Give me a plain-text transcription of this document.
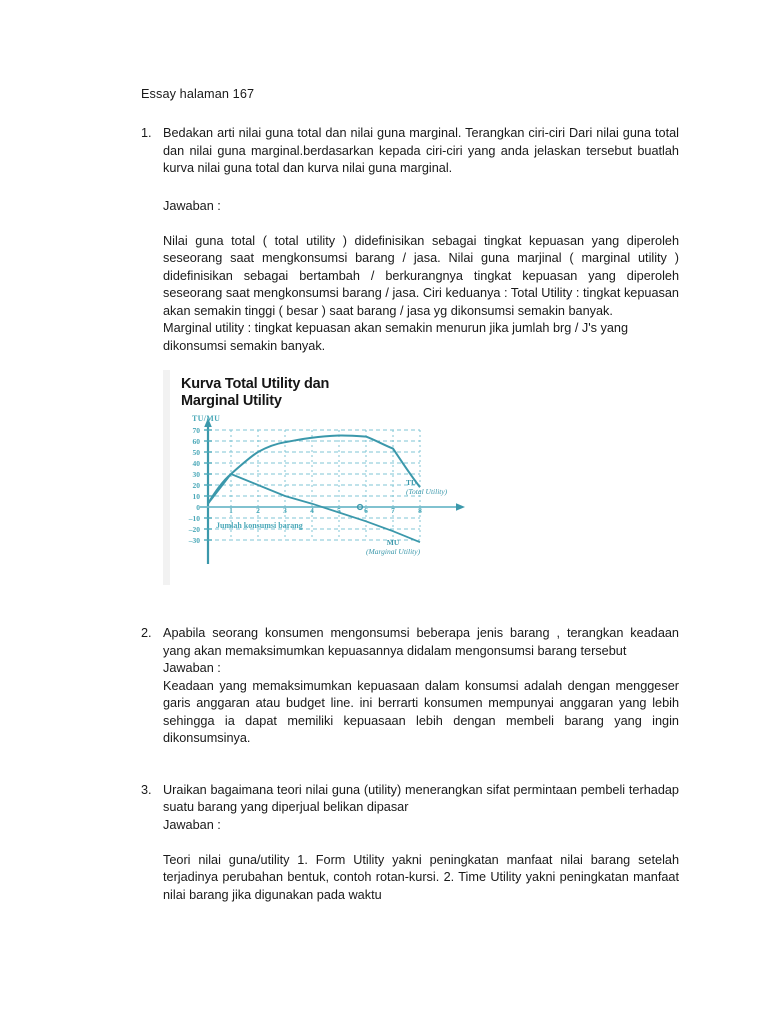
Essay halaman 167
1. Bedakan arti nilai guna total dan nilai guna marginal. Terangkan ciri-ciri Dari nilai guna total dan nilai guna marginal.berdasarkan kepada ciri-ciri yang anda jelaskan tersebut buatlah kurva nilai guna total dan kurva nilai guna marginal.

Jawaban :

Nilai guna total ( total utility ) didefinisikan sebagai tingkat kepuasan yang diperoleh seseorang saat mengkonsumsi barang / jasa. Nilai guna marjinal ( marginal utility ) didefinisikan sebagai bertambah / berkurangnya tingkat kepuasan yang diperoleh seseorang saat mengkonsumsi barang / jasa. Ciri keduanya : Total Utility : tingkat kepuasan akan semakin tinggi ( besar ) saat barang / jasa yg dikonsumsi semakin banyak.

Marginal utility : tingkat kepuasan akan semakin menurun jika jumlah brg / J's yang dikonsumsi semakin banyak.

Kurva Total Utility dan
Marginal Utility
TU/MU
70
60
50
40
30
20
10
0
–10
–20
–30
1	2	3	4	5	6	7	8
Jumlah konsumsi barang
TU
(Total Utility)
MU
(Marginal Utility)
2. Apabila seorang konsumen mengonsumsi beberapa jenis barang , terangkan keadaan yang akan memaksimumkan kepuasannya didalam mengonsumsi barang tersebut

Jawaban :

Keadaan yang memaksimumkan kepuasaan dalam konsumsi adalah dengan menggeser garis anggaran atau budget line. ini berrarti konsumen mempunyai anggaran yang lebih sehingga ia dapat memiliki kepuasaan lebih dengan membeli barang yang ingin dikonsumsinya.

3. Uraikan bagaimana teori nilai guna (utility) menerangkan sifat permintaan pembeli terhadap suatu barang yang diperjual belikan dipasar

Jawaban :

Teori nilai guna/utility 1. Form Utility yakni peningkatan manfaat nilai barang setelah terjadinya perubahan bentuk, contoh rotan-kursi. 2. Time Utility yakni peningkatan manfaat nilai barang jika digunakan pada waktu
